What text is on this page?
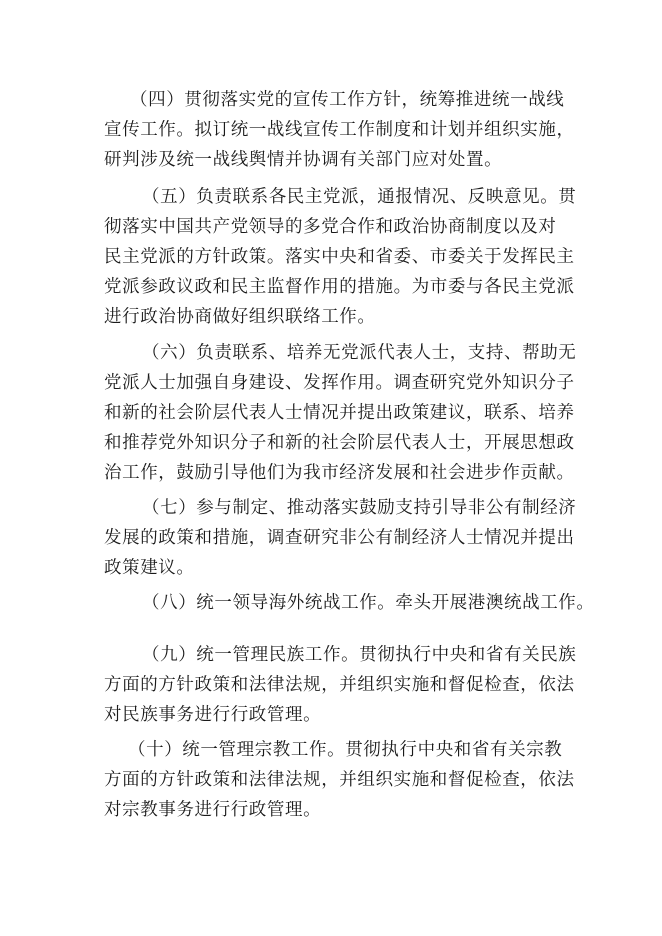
（四）贯彻落实党的宣传工作方针，统筹推进统一战线
宣传工作。拟订统一战线宣传工作制度和计划并组织实施，
研判涉及统一战线舆情并协调有关部门应对处置。

（五）负责联系各民主党派，通报情况、反映意见。贯
彻落实中国共产党领导的多党合作和政治协商制度以及对
民主党派的方针政策。落实中央和省委、市委关于发挥民主
党派参政议政和民主监督作用的措施。为市委与各民主党派
进行政治协商做好组织联络工作。

（六）负责联系、培养无党派代表人士，支持、帮助无
党派人士加强自身建设、发挥作用。调查研究党外知识分子
和新的社会阶层代表人士情况并提出政策建议，联系、培养
和推荐党外知识分子和新的社会阶层代表人士，开展思想政
治工作，鼓励引导他们为我市经济发展和社会进步作贡献。

（七）参与制定、推动落实鼓励支持引导非公有制经济
发展的政策和措施，调查研究非公有制经济人士情况并提出
政策建议。

（八）统一领导海外统战工作。牵头开展港澳统战工作。

（九）统一管理民族工作。贯彻执行中央和省有关民族
方面的方针政策和法律法规，并组织实施和督促检查，依法
对民族事务进行行政管理。

（十）统一管理宗教工作。贯彻执行中央和省有关宗教
方面的方针政策和法律法规，并组织实施和督促检查，依法
对宗教事务进行行政管理。
